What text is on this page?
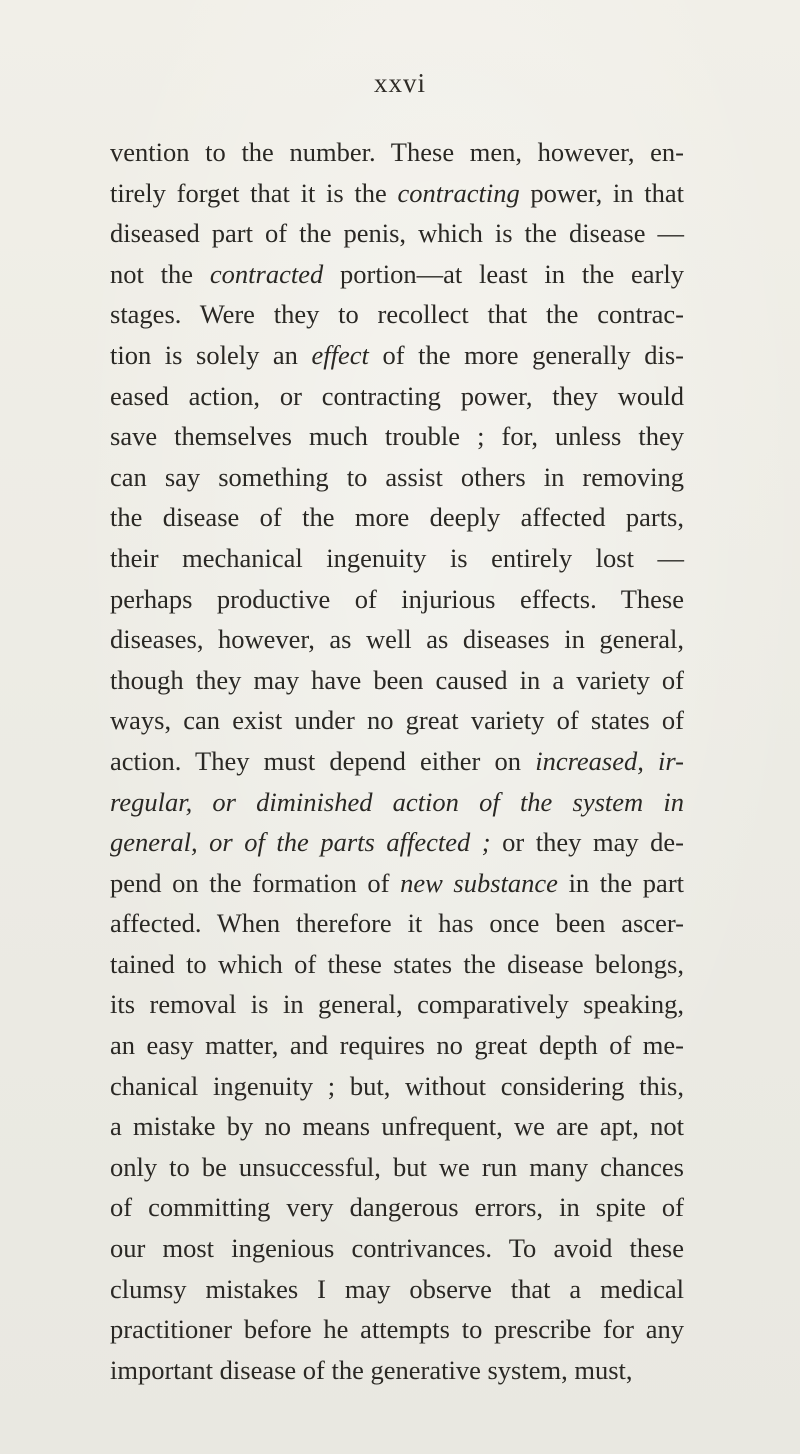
xxvi
vention to the number. These men, however, en-
tirely forget that it is the contracting power, in that
diseased part of the penis, which is the disease —
not the contracted portion—at least in the early
stages. Were they to recollect that the contrac-
tion is solely an effect of the more generally dis-
eased action, or contracting power, they would
save themselves much trouble ; for, unless they
can say something to assist others in removing
the disease of the more deeply affected parts,
their mechanical ingenuity is entirely lost —
perhaps productive of injurious effects. These
diseases, however, as well as diseases in general,
though they may have been caused in a variety of
ways, can exist under no great variety of states of
action. They must depend either on increased, ir-
regular, or diminished action of the system in
general, or of the parts affected ; or they may de-
pend on the formation of new substance in the part
affected. When therefore it has once been ascer-
tained to which of these states the disease belongs,
its removal is in general, comparatively speaking,
an easy matter, and requires no great depth of me-
chanical ingenuity ; but, without considering this,
a mistake by no means unfrequent, we are apt, not
only to be unsuccessful, but we run many chances
of committing very dangerous errors, in spite of
our most ingenious contrivances. To avoid these
clumsy mistakes I may observe that a medical
practitioner before he attempts to prescribe for any
important disease of the generative system, must,
